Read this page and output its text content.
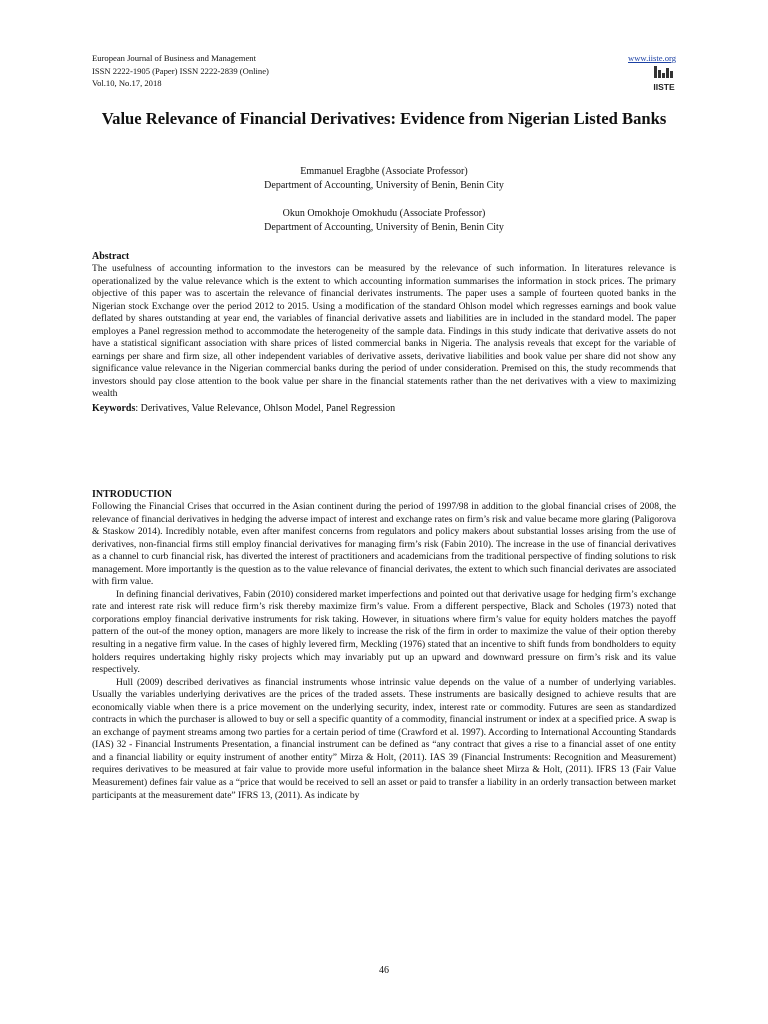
European Journal of Business and Management
ISSN 2222-1905 (Paper) ISSN 2222-2839 (Online)
Vol.10, No.17, 2018
www.iiste.org
IISTE
Value Relevance of Financial Derivatives: Evidence from Nigerian Listed Banks
Emmanuel Eragbhe (Associate Professor)
Department of Accounting, University of Benin, Benin City
Okun Omokhoje Omokhudu (Associate Professor)
Department of Accounting, University of Benin, Benin City
Abstract
The usefulness of accounting information to the investors can be measured by the relevance of such information. In literatures relevance is operationalized by the value relevance which is the extent to which accounting information summarises the information in stock prices. The primary objective of this paper was to ascertain the relevance of financial derivates instruments. The paper uses a sample of fourteen quoted banks in the Nigerian stock Exchange over the period 2012 to 2015. Using a modification of the standard Ohlson model which regresses earnings and book value deflated by shares outstanding at year end, the variables of financial derivative assets and liabilities are in included in the standard model. The paper employes a Panel regression method to accommodate the heterogeneity of the sample data. Findings in this study indicate that derivative assets do not have a statistical significant association with share prices of listed commercial banks in Nigeria. The analysis reveals that except for the variable of earnings per share and firm size, all other independent variables of derivative assets, derivative liabilities and book value per share did not show any significance value relevance in the Nigerian commercial banks during the period of under consideration. Premised on this, the study recommends that investors should pay close attention to the book value per share in the financial statements rather than the net derivatives with a view to maximizing wealth
Keywords: Derivatives, Value Relevance, Ohlson Model, Panel Regression
INTRODUCTION

Following the Financial Crises that occurred in the Asian continent during the period of 1997/98 in addition to the global financial crises of 2008, the relevance of financial derivatives in hedging the adverse impact of interest and exchange rates on firm’s risk and value became more glaring (Paligorova & Staskow 2014). Incredibly notable, even after manifest concerns from regulators and policy makers about substantial losses arising from the use of derivatives, non-financial firms still employ financial derivatives for managing firm’s risk (Fabin 2010). The increase in the use of financial derivatives as a channel to curb financial risk, has diverted the interest of practitioners and academicians from the traditional perspective of finding solutions to risk management. More importantly is the question as to the value relevance of financial derivates, the extent to which such financial derivates are associated with firm value.

In defining financial derivatives, Fabin (2010) considered market imperfections and pointed out that derivative usage for hedging firm’s exchange rate and interest rate risk will reduce firm’s risk thereby maximize firm’s value. From a different perspective, Black and Scholes (1973) noted that corporations employ financial derivative instruments for risk taking. However, in situations where firm’s value for equity holders matches the payoff pattern of the out-of the money option, managers are more likely to increase the risk of the firm in order to maximize the value of their option thereby resulting in a negative firm value. In the cases of highly levered firm, Meckling (1976) stated that an incentive to shift funds from bondholders to equity holders requires undertaking highly risky projects which may invariably put up an upward and downward pressure on firm’s risk and its value respectively.

Hull (2009) described derivatives as financial instruments whose intrinsic value depends on the value of a number of underlying variables. Usually the variables underlying derivatives are the prices of the traded assets. These instruments are basically designed to achieve results that are economically viable when there is a price movement on the underlying security, index, interest rate or commodity. Futures are seen as standardized contracts in which the purchaser is allowed to buy or sell a specific quantity of a commodity, financial instrument or index at a specified price. A swap is an exchange of payment streams among two parties for a certain period of time (Crawford et al. 1997). According to International Accounting Standards (IAS) 32 - Financial Instruments Presentation, a financial instrument can be defined as “any contract that gives a rise to a financial asset of one entity and a financial liability or equity instrument of another entity” Mirza & Holt, (2011). IAS 39 (Financial Instruments: Recognition and Measurement) requires derivatives to be measured at fair value to provide more useful information in the balance sheet Mirza & Holt, (2011). IFRS 13 (Fair Value Measurement) defines fair value as a “price that would be received to sell an asset or paid to transfer a liability in an orderly transaction between market participants at the measurement date” IFRS 13, (2011). As indicate by

46
